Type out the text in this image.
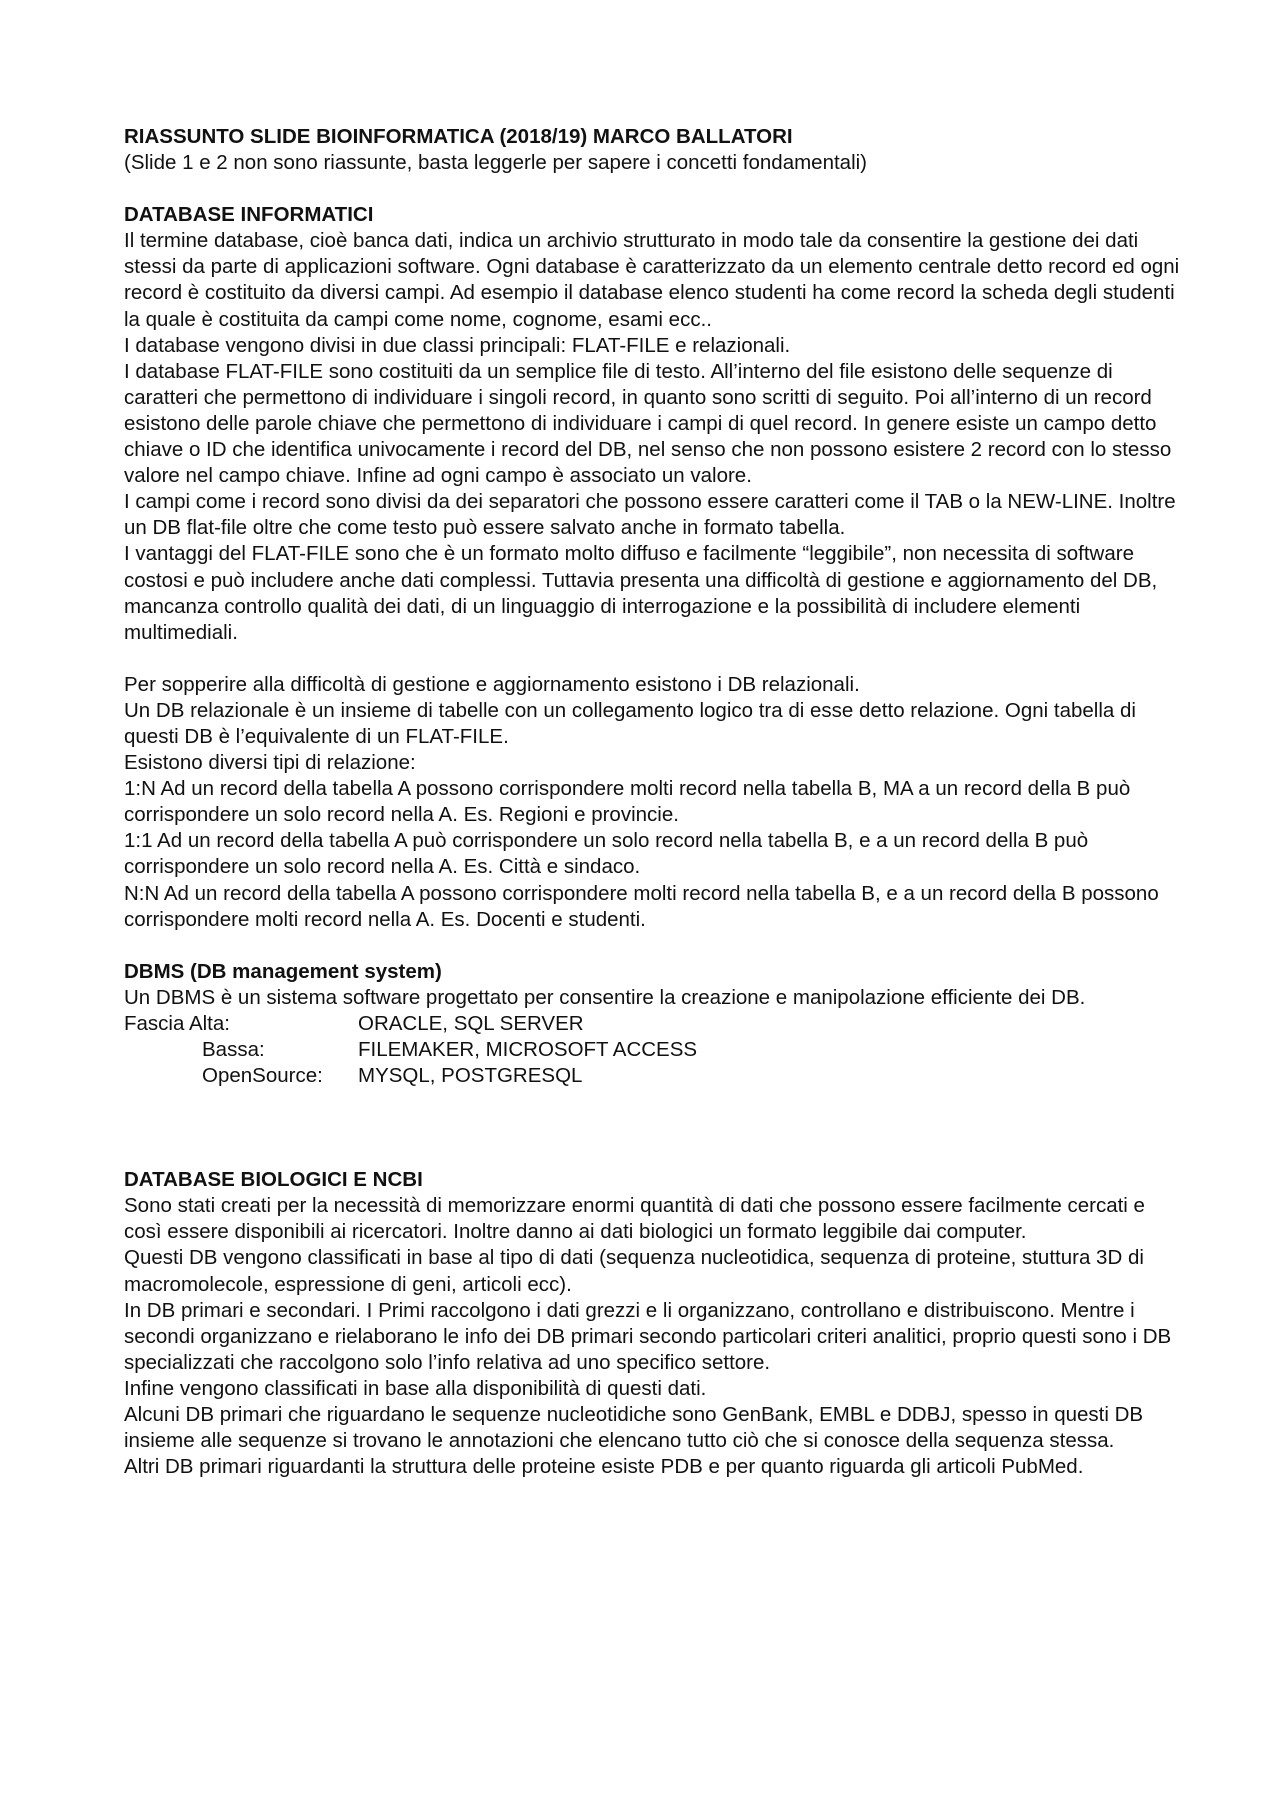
RIASSUNTO SLIDE BIOINFORMATICA (2018/19) MARCO BALLATORI

(Slide 1 e 2 non sono riassunte, basta leggerle per sapere i concetti fondamentali)

DATABASE INFORMATICI

Il termine database, cioè banca dati, indica un archivio strutturato in modo tale da consentire la gestione dei dati stessi da parte di applicazioni software. Ogni database è caratterizzato da un elemento centrale detto record ed ogni record è costituito da diversi campi. Ad esempio il database elenco studenti ha come record la scheda degli studenti la quale è costituita da campi come nome, cognome, esami ecc..

I database vengono divisi in due classi principali: FLAT-FILE e relazionali.

I database FLAT-FILE sono costituiti da un semplice file di testo. All’interno del file esistono delle sequenze di caratteri che permettono di individuare i singoli record, in quanto sono scritti di seguito. Poi all’interno di un record esistono delle parole chiave che permettono di individuare i campi di quel record. In genere esiste un campo detto chiave o ID che identifica univocamente i record del DB, nel senso che non possono esistere 2 record con lo stesso valore nel campo chiave. Infine ad ogni campo è associato un valore.

I campi come i record sono divisi da dei separatori che possono essere caratteri come il TAB o la NEW-LINE. Inoltre un DB flat-file oltre che come testo può essere salvato anche in formato tabella.

I vantaggi del FLAT-FILE sono che è un formato molto diffuso e facilmente “leggibile”, non necessita di software costosi e può includere anche dati complessi. Tuttavia presenta una difficoltà di gestione e aggiornamento del DB, mancanza controllo qualità dei dati, di un linguaggio di interrogazione e la possibilità di includere elementi multimediali.

Per sopperire alla difficoltà di gestione e aggiornamento esistono i DB relazionali.

Un DB relazionale è un insieme di tabelle con un collegamento logico tra di esse detto relazione. Ogni tabella di questi DB è l’equivalente di un FLAT-FILE.

Esistono diversi tipi di relazione:

1:N Ad un record della tabella A possono corrispondere molti record nella tabella B, MA a un record della B può corrispondere un solo record nella A. Es. Regioni e provincie.

1:1 Ad un record della tabella A può corrispondere un solo record nella tabella B, e a un record della B può corrispondere un solo record nella A. Es. Città e sindaco.

N:N Ad un record della tabella A possono corrispondere molti record nella tabella B, e a un record della B possono corrispondere molti record nella A. Es. Docenti e studenti.

DBMS (DB management system)

Un DBMS è un sistema software progettato per consentire la creazione e manipolazione efficiente dei DB.

Fascia Alta:	ORACLE, SQL SERVER
Bassa:	FILEMAKER, MICROSOFT ACCESS
OpenSource:	MYSQL, POSTGRESQL

DATABASE BIOLOGICI E NCBI

Sono stati creati per la necessità di memorizzare enormi quantità di dati che possono essere facilmente cercati e così essere disponibili ai ricercatori. Inoltre danno ai dati biologici un formato leggibile dai computer.

Questi DB vengono classificati in base al tipo di dati (sequenza nucleotidica, sequenza di proteine, stuttura 3D di macromolecole, espressione di geni, articoli ecc).

In DB primari e secondari. I Primi raccolgono i dati grezzi e li organizzano, controllano e distribuiscono. Mentre i secondi organizzano e rielaborano le info dei DB primari secondo particolari criteri analitici, proprio questi sono i DB specializzati che raccolgono solo l’info relativa ad uno specifico settore.

Infine vengono classificati in base alla disponibilità di questi dati.

Alcuni DB primari che riguardano le sequenze nucleotidiche sono GenBank, EMBL e DDBJ, spesso in questi DB insieme alle sequenze si trovano le annotazioni che elencano tutto ciò che si conosce della sequenza stessa.

Altri DB primari riguardanti la struttura delle proteine esiste PDB e per quanto riguarda gli articoli PubMed.
